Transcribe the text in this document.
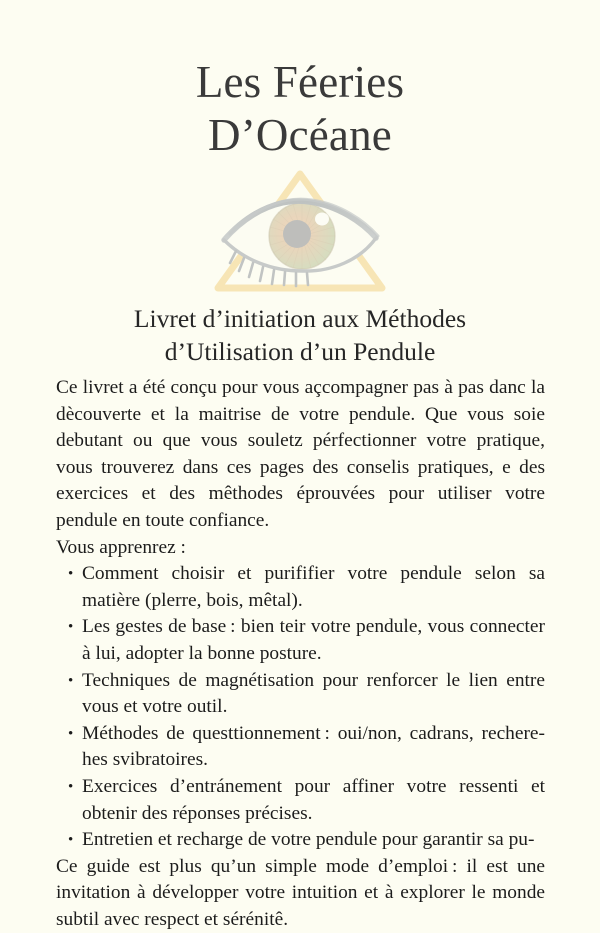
Les Féeries
D’Océane
Livret d’initiation aux Méthodes
d’Utilisation d’un Pendule

Ce livret a été conçu pour vous açcompagner pas à pas danc la dècouverte et la maitrise de votre pendule. Que vous soie debutant ou que vous souletz pérfectionner votre pratique, vous trouverez dans ces pages des conselis pratiques, e des exercices et des mêthodes éprouvées pour utiliser votre pendule en toute confiance.

Vous apprenrez :

• Comment choisir et purififier votre pendule selon sa matière (plerre, bois, mêtal).
• Les gestes de base : bien teir votre pendule, vous connecter à lui, adopter la bonne posture.
• Techniques de magnétisation pour renforcer le lien entre vous et votre outil.
• Méthodes de questtionnement : oui/non, cadrans, rechere-hes svibratoires.
• Exercices d’entránement pour affiner votre ressenti et obtenir des réponses précises.
• Entretien et recharge de votre pendule pour garantir sa pu-

Ce guide est plus qu’un simple mode d’emploi : il est une invitation à développer votre intuition et à explorer le monde subtil avec respect et sérénitê.
